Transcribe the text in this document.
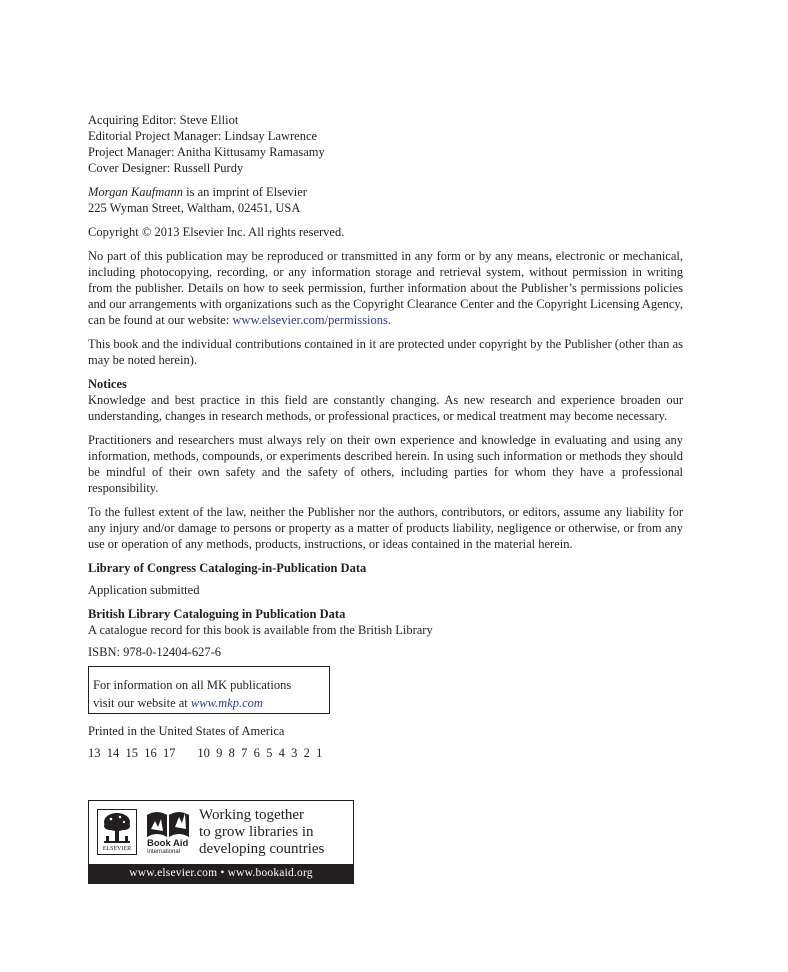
Acquiring Editor: Steve Elliot
Editorial Project Manager: Lindsay Lawrence
Project Manager: Anitha Kittusamy Ramasamy
Cover Designer: Russell Purdy
Morgan Kaufmann is an imprint of Elsevier
225 Wyman Street, Waltham, 02451, USA
Copyright © 2013 Elsevier Inc. All rights reserved.
No part of this publication may be reproduced or transmitted in any form or by any means, electronic or mechanical, including photocopying, recording, or any information storage and retrieval system, without permission in writing from the publisher. Details on how to seek permission, further information about the Publisher’s permissions policies and our arrangements with organizations such as the Copyright Clearance Center and the Copyright Licensing Agency, can be found at our website: www.elsevier.com/permissions.
This book and the individual contributions contained in it are protected under copyright by the Publisher (other than as may be noted herein).
Notices
Knowledge and best practice in this field are constantly changing. As new research and experience broaden our understanding, changes in research methods, or professional practices, or medical treatment may become necessary.
Practitioners and researchers must always rely on their own experience and knowledge in evaluating and using any information, methods, compounds, or experiments described herein. In using such information or methods they should be mindful of their own safety and the safety of others, including parties for whom they have a professional responsibility.
To the fullest extent of the law, neither the Publisher nor the authors, contributors, or editors, assume any liability for any injury and/or damage to persons or property as a matter of products liability, negligence or otherwise, or from any use or operation of any methods, products, instructions, or ideas contained in the material herein.
Library of Congress Cataloging-in-Publication Data
Application submitted
British Library Cataloguing in Publication Data
A catalogue record for this book is available from the British Library
ISBN: 978-0-12404-627-6
For information on all MK publications
visit our website at www.mkp.com
Printed in the United States of America
13  14  15  16  17       10  9  8  7  6  5  4  3  2  1
ELSEVIER	Book Aid
International
Working together
to grow libraries in
developing countries
www.elsevier.com • www.bookaid.org
